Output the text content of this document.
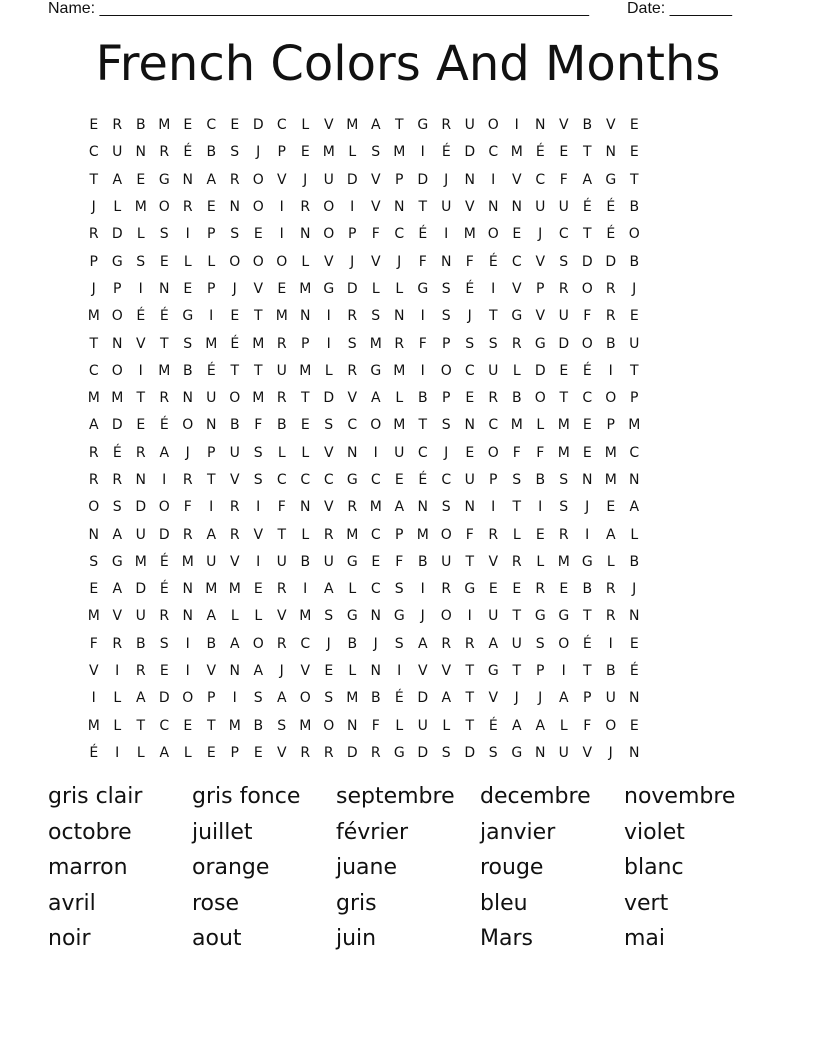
Name: _______________________________________________________ Date: _______
French Colors And Months
E	R B M E	C	E D C	L	V M A	T G R U O	I	N V B V	E
C U N R	É	B	S	J	P	E M L	S M	I	É D C M É	E	T N E
T	A	E G N A R O V	J	U D V	P D	J	N	I	V C	F	A G T
J	L M O R	E N O	I	R O	I	V N T	U V N N U U É	É	B
R D	L	S	I	P	S	E	I	N O P	F	C	É	I	M O E	J	C	T	É O
P G S	E	L	L	O O O	L	V	J	V	J	F	N	F	É	C V	S D D B
J	P	I	N E	P	J	V	E M G D	L	L	G S	É	I	V	P	R O R	J
M O É	É G	I	E	T M N	I	R	S N	I	S	J	T G V U	F	R	E
T N V	T	S M É M R	P	I	S M R	F	P	S	S	R G D O B U
C O	I	M B	É	T	T	U M L	R G M	I	O C U	L	D E	É	I	T
M M T	R N U O M R	T D V A	L	B	P	E	R B O T	C O P
A D E	É O N B	F	B	E	S	C O M T	S N C M L M E	P M
R	É	R A	J	P	U S	L	L	V N	I	U C	J	E O F	F M E M C
R R N	I	R	T	V	S	C C C G C	E	É	C U	P	S	B	S N M N
O S D O F	I	R	I	F	N V R M A N S N	I	T	I	S	J	E	A
N A U D R A R V	T	L	R M C	P M O F	R	L	E	R	I	A	L
S G M É M U V	I	U B U G E	F	B U	T	V R	L M G	L	B
E	A D É N M M E	R	I	A	L	C	S	I	R G E	E	R	E	B R	J
M V U R N A	L	L	V M S G N G	J	O	I	U	T G G T	R N
F	R B	S	I	B A O R C	J	B	J	S	A R R A U S O É	I	E
V	I	R	E	I	V N A	J	V	E	L	N	I	V V	T G T	P	I	T	B	É
I	L	A D O P	I	S	A O S M B	É D A	T	V	J	J	A	P	U N
M L	T	C	E	T M B	S M O N	F	L	U	L	T	É	A A	L	F O E
É	I	L	A	L	E	P	E	V R R D R G D S D S G N U V	J	N
gris clair	gris fonce	septembre	decembre	novembre
octobre	juillet	février	janvier	violet
marron	orange	juane	rouge	blanc
avril	rose	gris	bleu	vert
noir	aout	juin	Mars	mai
